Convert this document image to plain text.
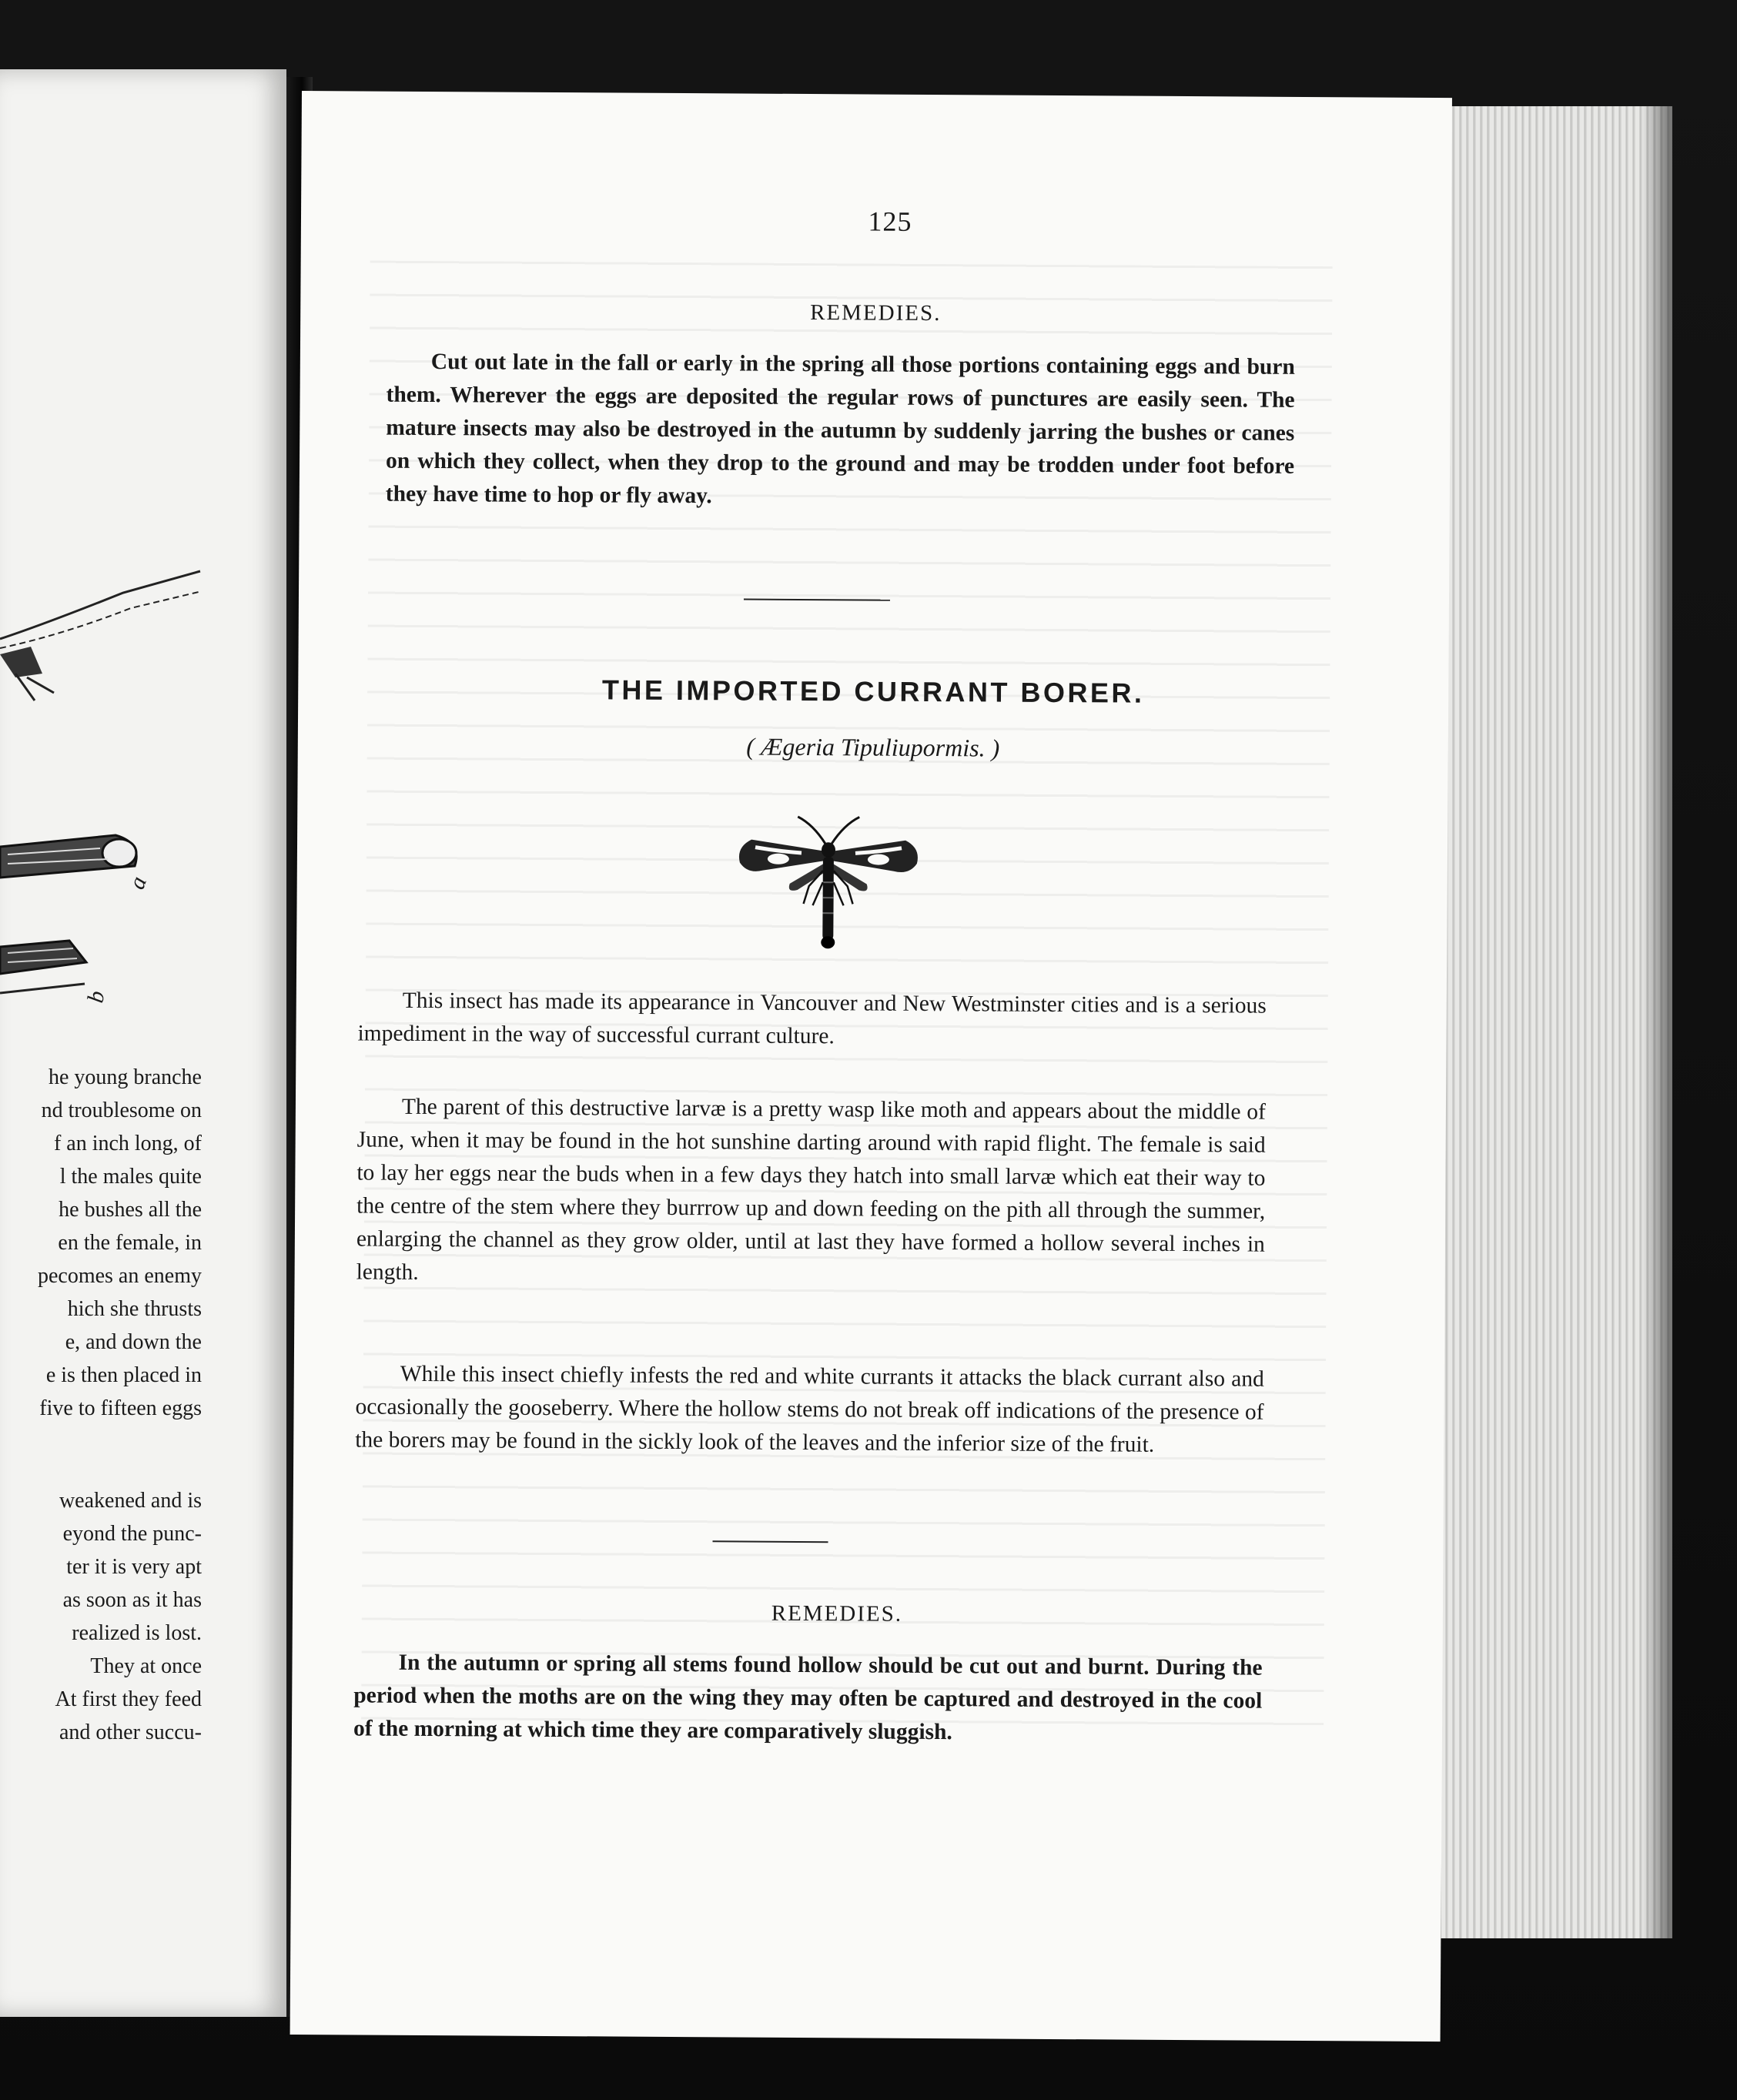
a
b
he young branche
nd troublesome on
f an inch long, of
l the males quite
he bushes all the
en the female, in
pecomes an enemy
hich she thrusts
e, and down the
e is then placed in
five to fifteen eggs
weakened and is
eyond the punc-
ter it is very apt
as soon as it has
realized is lost.
They at once
At first they feed
and other succu-
125
REMEDIES.
Cut out late in the fall or early in the spring all those portions containing eggs and burn them. Wherever the eggs are deposited the regular rows of punctures are easily seen. The mature insects may also be destroyed in the autumn by suddenly jarring the bushes or canes on which they collect, when they drop to the ground and may be trodden under foot before they have time to hop or fly away.
THE IMPORTED CURRANT BORER.
( Ægeria Tipuliupormis. )
This insect has made its appearance in Vancouver and New Westminster cities and is a serious impediment in the way of successful currant culture.
The parent of this destructive larvæ is a pretty wasp like moth and appears about the middle of June, when it may be found in the hot sunshine darting around with rapid flight. The female is said to lay her eggs near the buds when in a few days they hatch into small larvæ which eat their way to the centre of the stem where they burrrow up and down feeding on the pith all through the summer, enlarging the channel as they grow older, until at last they have formed a hollow several inches in length.
While this insect chiefly infests the red and white currants it attacks the black currant also and occasionally the gooseberry. Where the hollow stems do not break off indications of the presence of the borers may be found in the sickly look of the leaves and the inferior size of the fruit.
REMEDIES.
In the autumn or spring all stems found hollow should be cut out and burnt. During the period when the moths are on the wing they may often be captured and destroyed in the cool of the morning at which time they are comparatively sluggish.
